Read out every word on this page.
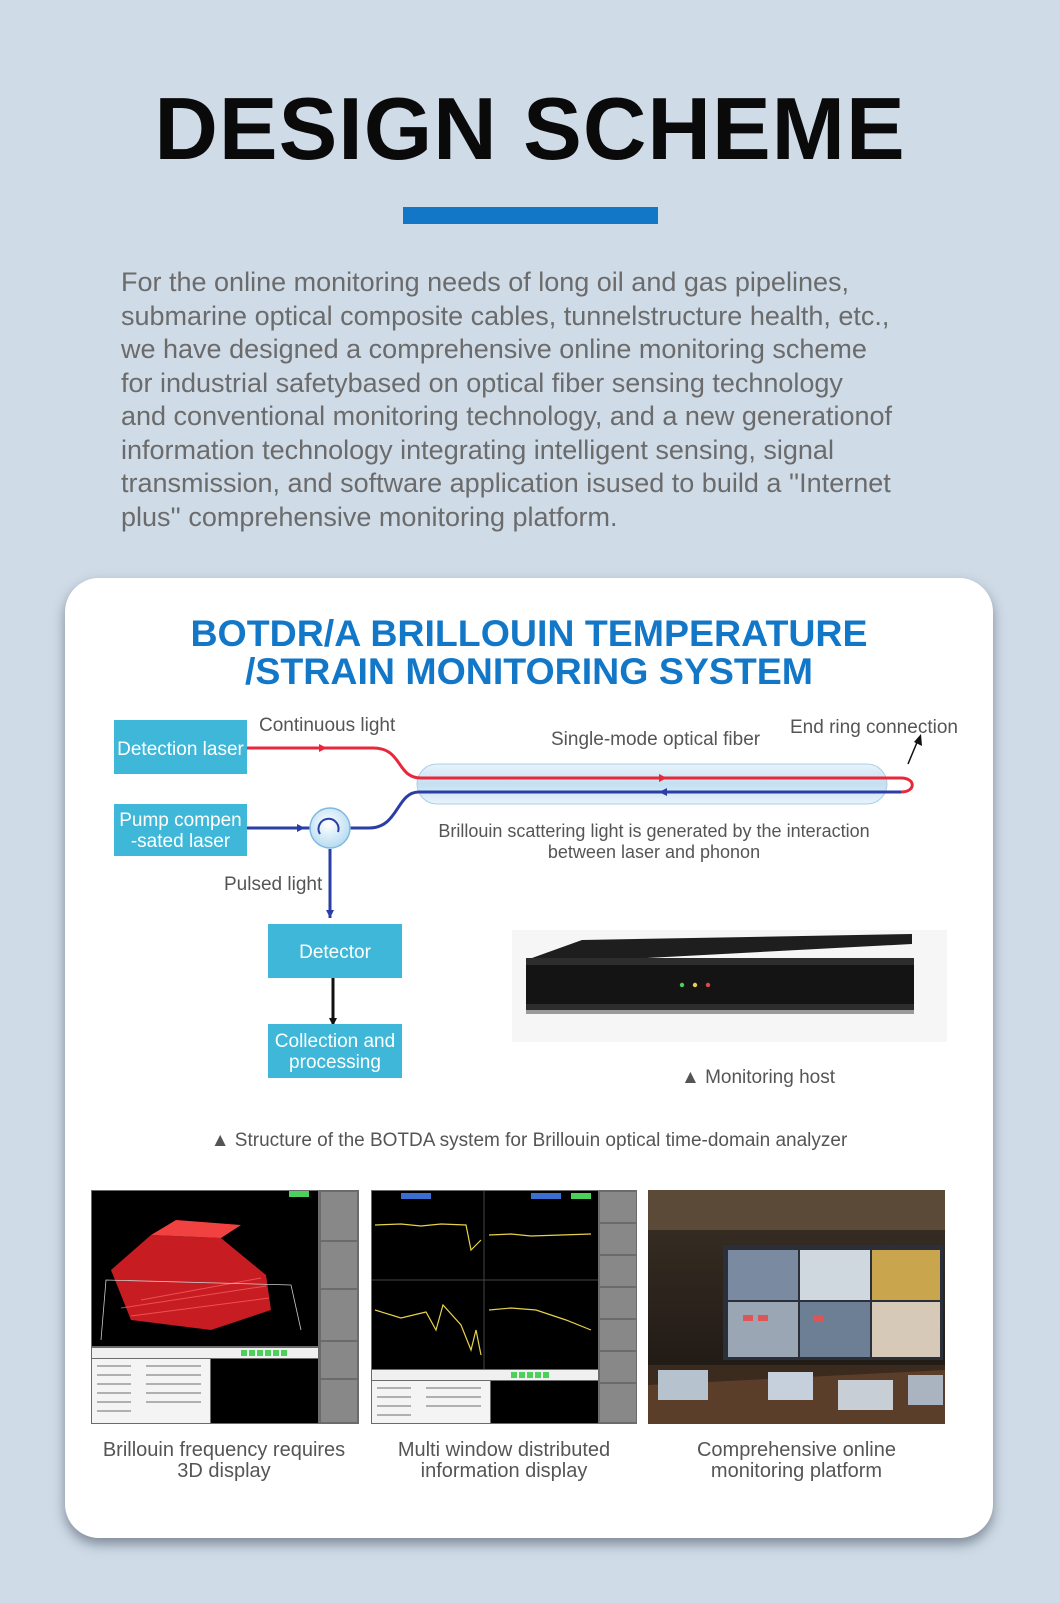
DESIGN SCHEME
For the online monitoring needs of long oil and gas pipelines,
submarine optical composite cables, tunnelstructure health, etc.,
we have designed a comprehensive online monitoring scheme
for industrial safetybased on optical fiber sensing technology
and conventional monitoring technology, and a new generationof
information technology integrating intelligent sensing, signal
transmission, and software application isused to build a ''Internet
plus'' comprehensive monitoring platform.
BOTDR/A BRILLOUIN TEMPERATURE
/STRAIN MONITORING SYSTEM
Detection laser
Pump compen
-sated laser
Detector
Collection and
processing
Continuous light
Single-mode optical fiber
End ring connection
Pulsed light
Brillouin scattering light is generated by the interaction
between laser and phonon
▲ Monitoring host
▲ Structure of the BOTDA system for Brillouin optical time-domain analyzer
Brillouin frequency requires
3D display
Multi window distributed
information display
Comprehensive online
monitoring platform
